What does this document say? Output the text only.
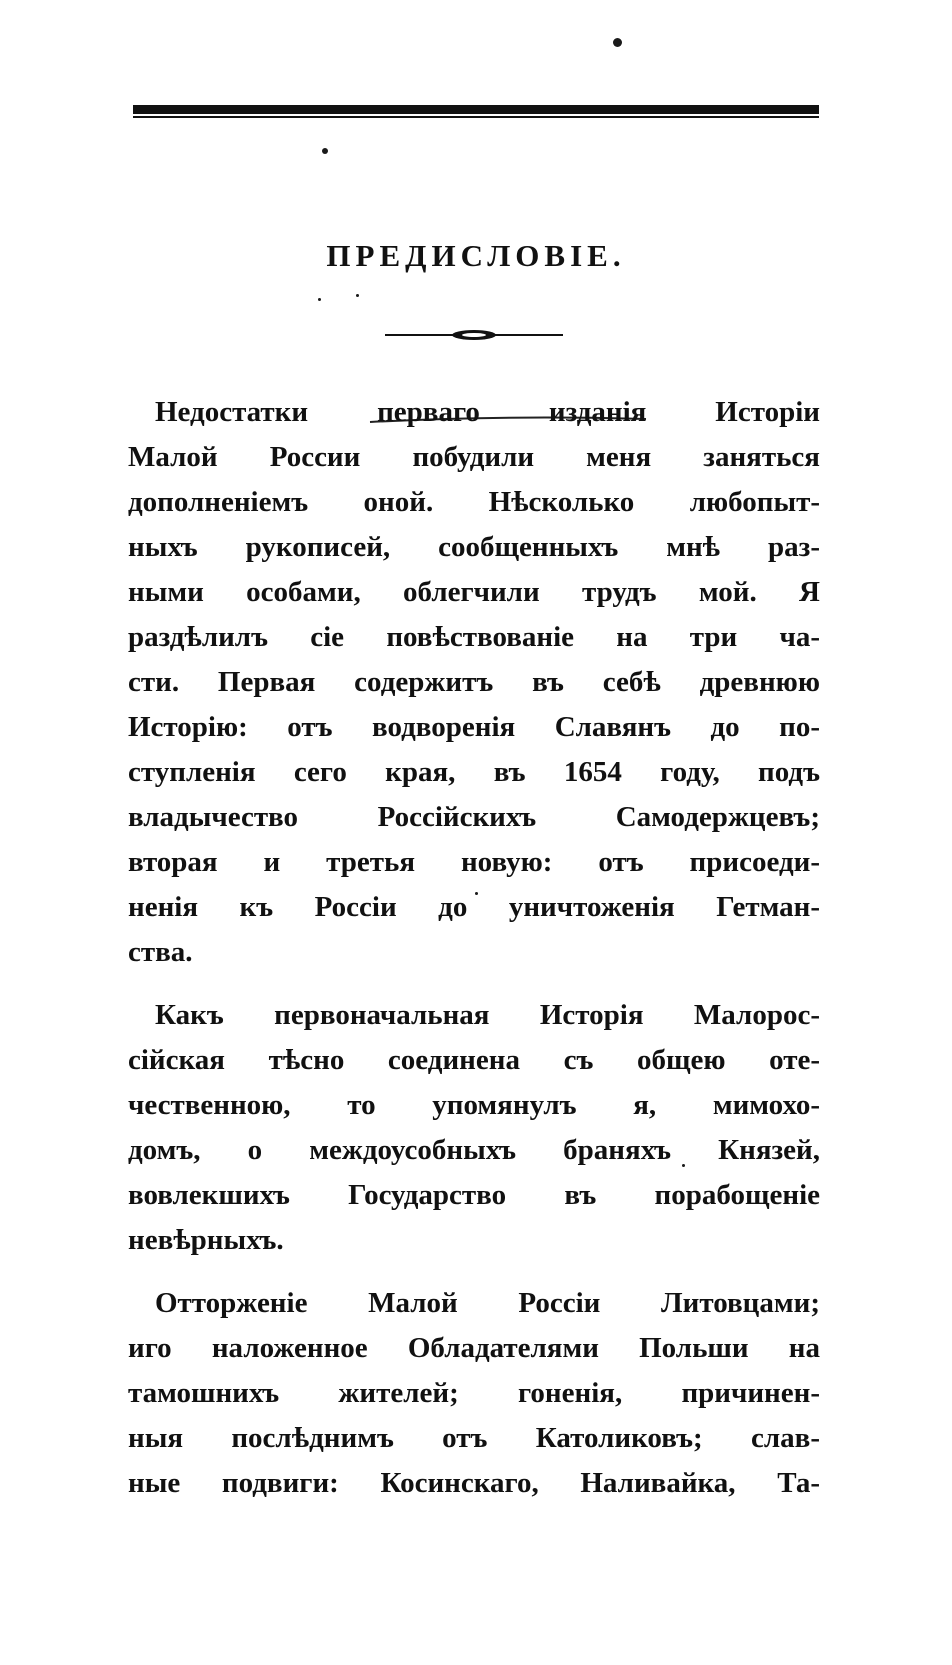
ПРЕДИСЛОВІЕ.
Недостатки перваго изданія Исторіи
Малой России побудили меня заняться
дополненіемъ оной. Нѣсколько любопыт-
ныхъ рукописей, сообщенныхъ мнѣ раз-
ными особами, облегчили трудъ мой. Я
раздѣлилъ сіе повѣствованіе на три ча-
сти. Первая содержитъ въ себѣ древнюю
Исторію: отъ водворенія Славянъ до по-
ступленія сего края, въ 1654 году, подъ
владычество Россійскихъ Самодержцевъ;
вторая и третья новую: отъ присоеди-
ненія къ Россіи до уничтоженія Гетман-
ства.
Какъ первоначальная Исторія Малорос-
сійская тѣсно соединена съ общею оте-
чественною, то упомянулъ я, мимохо-
домъ, о междоусобныхъ браняхъ Князей,
вовлекшихъ Государство въ порабощеніе
невѣрныхъ.
Отторженіе Малой Россіи Литовцами;
иго наложенное Обладателями Польши на
тамошнихъ жителей; гоненія, причинен-
ныя послѣднимъ отъ Католиковъ; слав-
ные подвиги: Косинскаго, Наливайка, Та-
